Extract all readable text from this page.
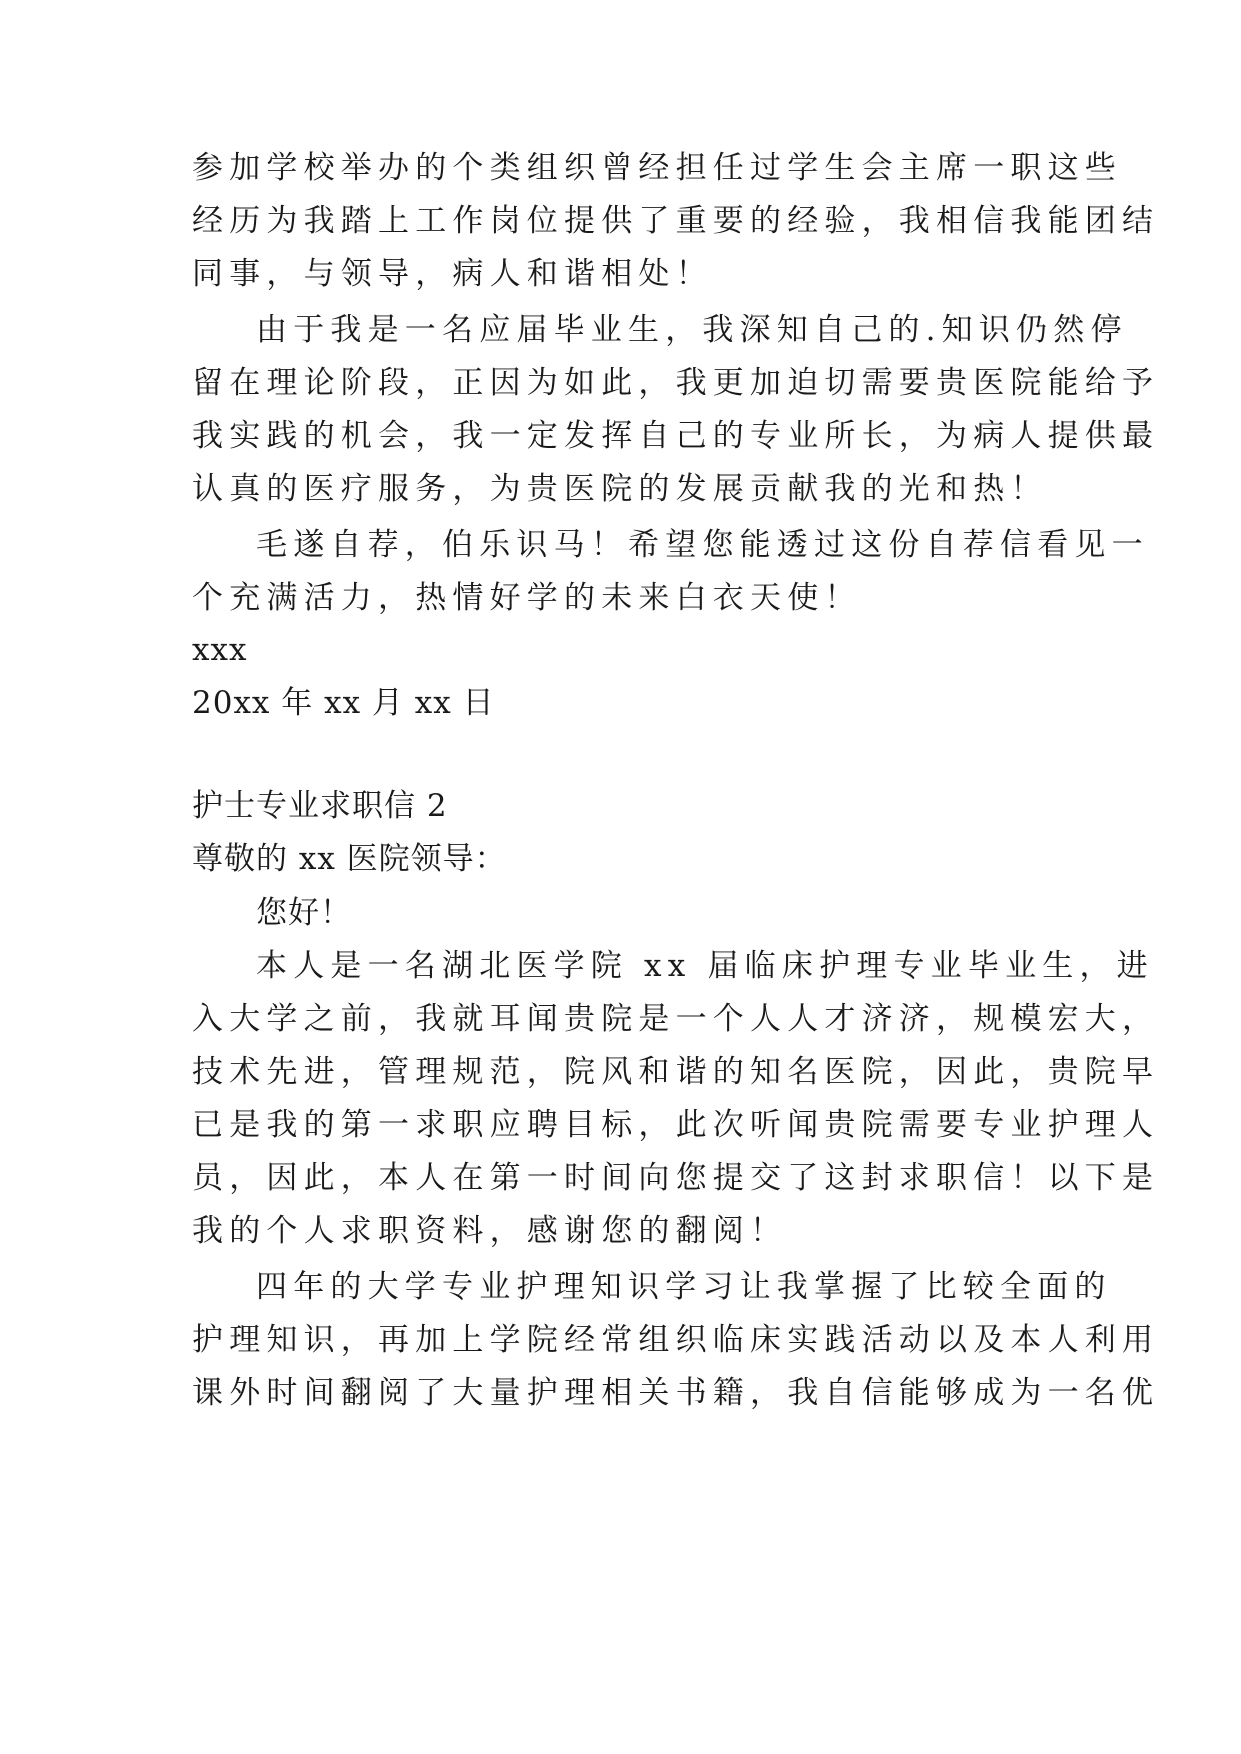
参加学校举办的个类组织曾经担任过学生会主席一职这些
经历为我踏上工作岗位提供了重要的经验，我相信我能团结
同事，与领导，病人和谐相处！
由于我是一名应届毕业生，我深知自己的.知识仍然停
留在理论阶段，正因为如此，我更加迫切需要贵医院能给予
我实践的机会，我一定发挥自己的专业所长，为病人提供最
认真的医疗服务，为贵医院的发展贡献我的光和热！
毛遂自荐，伯乐识马！希望您能透过这份自荐信看见一
个充满活力，热情好学的未来白衣天使！
xxx
20xx 年 xx 月 xx 日
护士专业求职信 2
尊敬的 xx 医院领导：
您好！
本人是一名湖北医学院 xx 届临床护理专业毕业生，进
入大学之前，我就耳闻贵院是一个人人才济济，规模宏大，
技术先进，管理规范，院风和谐的知名医院，因此，贵院早
已是我的第一求职应聘目标，此次听闻贵院需要专业护理人
员，因此，本人在第一时间向您提交了这封求职信！以下是
我的个人求职资料，感谢您的翻阅！
四年的大学专业护理知识学习让我掌握了比较全面的
护理知识，再加上学院经常组织临床实践活动以及本人利用
课外时间翻阅了大量护理相关书籍，我自信能够成为一名优
